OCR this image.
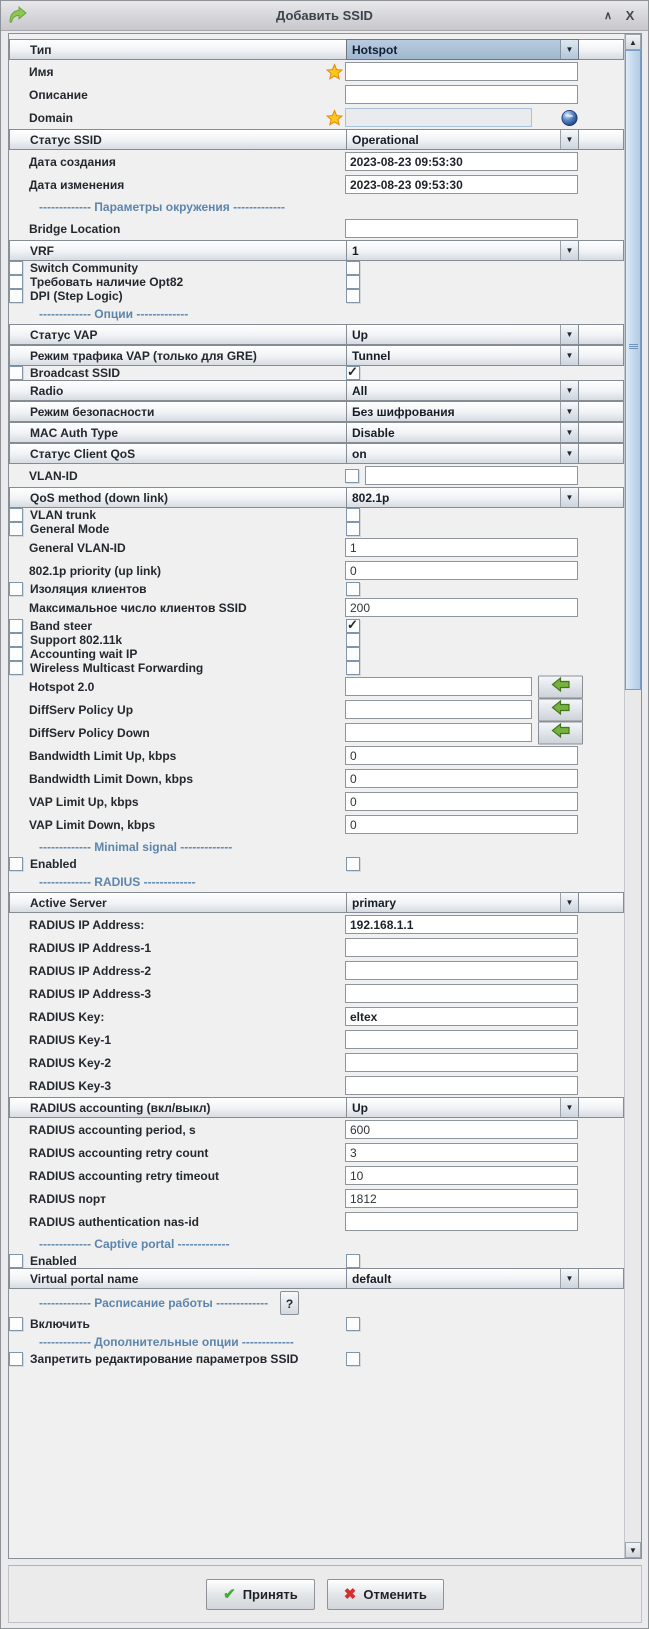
Добавить SSID	∧	X
Тип	Hotspot	▼
Имя
Описание
Domain
Статус SSID	Operational	▼
Дата создания	2023-08-23 09:53:30
Дата изменения	2023-08-23 09:53:30
------------- Параметры окружения -------------
Bridge Location
VRF	1	▼
Switch Community
Требовать наличие Opt82
DPI (Step Logic)
------------- Опции -------------
Статус VAP	Up	▼
Режим трафика VAP (только для GRE)	Tunnel	▼
Broadcast SSID	✓
Radio	All	▼
Режим безопасности	Без шифрования	▼
MAC Auth Type	Disable	▼
Статус Client QoS	on	▼
VLAN-ID
QoS method (down link)	802.1p	▼
VLAN trunk
General Mode
General VLAN-ID	1
802.1p priority (up link)	0
Изоляция клиентов
Максимальное число клиентов SSID	200
Band steer	✓
Support 802.11k
Accounting wait IP
Wireless Multicast Forwarding
Hotspot 2.0
DiffServ Policy Up
DiffServ Policy Down
Bandwidth Limit Up, kbps	0
Bandwidth Limit Down, kbps	0
VAP Limit Up, kbps	0
VAP Limit Down, kbps	0
------------- Minimal signal -------------
Enabled
------------- RADIUS -------------
Active Server	primary	▼
RADIUS IP Address:	192.168.1.1
RADIUS IP Address-1
RADIUS IP Address-2
RADIUS IP Address-3
RADIUS Key:	eltex
RADIUS Key-1
RADIUS Key-2
RADIUS Key-3
RADIUS accounting (вкл/выкл)	Up	▼
RADIUS accounting period, s	600
RADIUS accounting retry count	3
RADIUS accounting retry timeout	10
RADIUS порт	1812
RADIUS authentication nas-id
------------- Captive portal -------------
Enabled
Virtual portal name	default	▼
------------- Расписание работы -------------	?
Включить
------------- Дополнительные опции -------------
Запретить редактирование параметров SSID
▲
▼
✔ Принять	✖ Отменить
